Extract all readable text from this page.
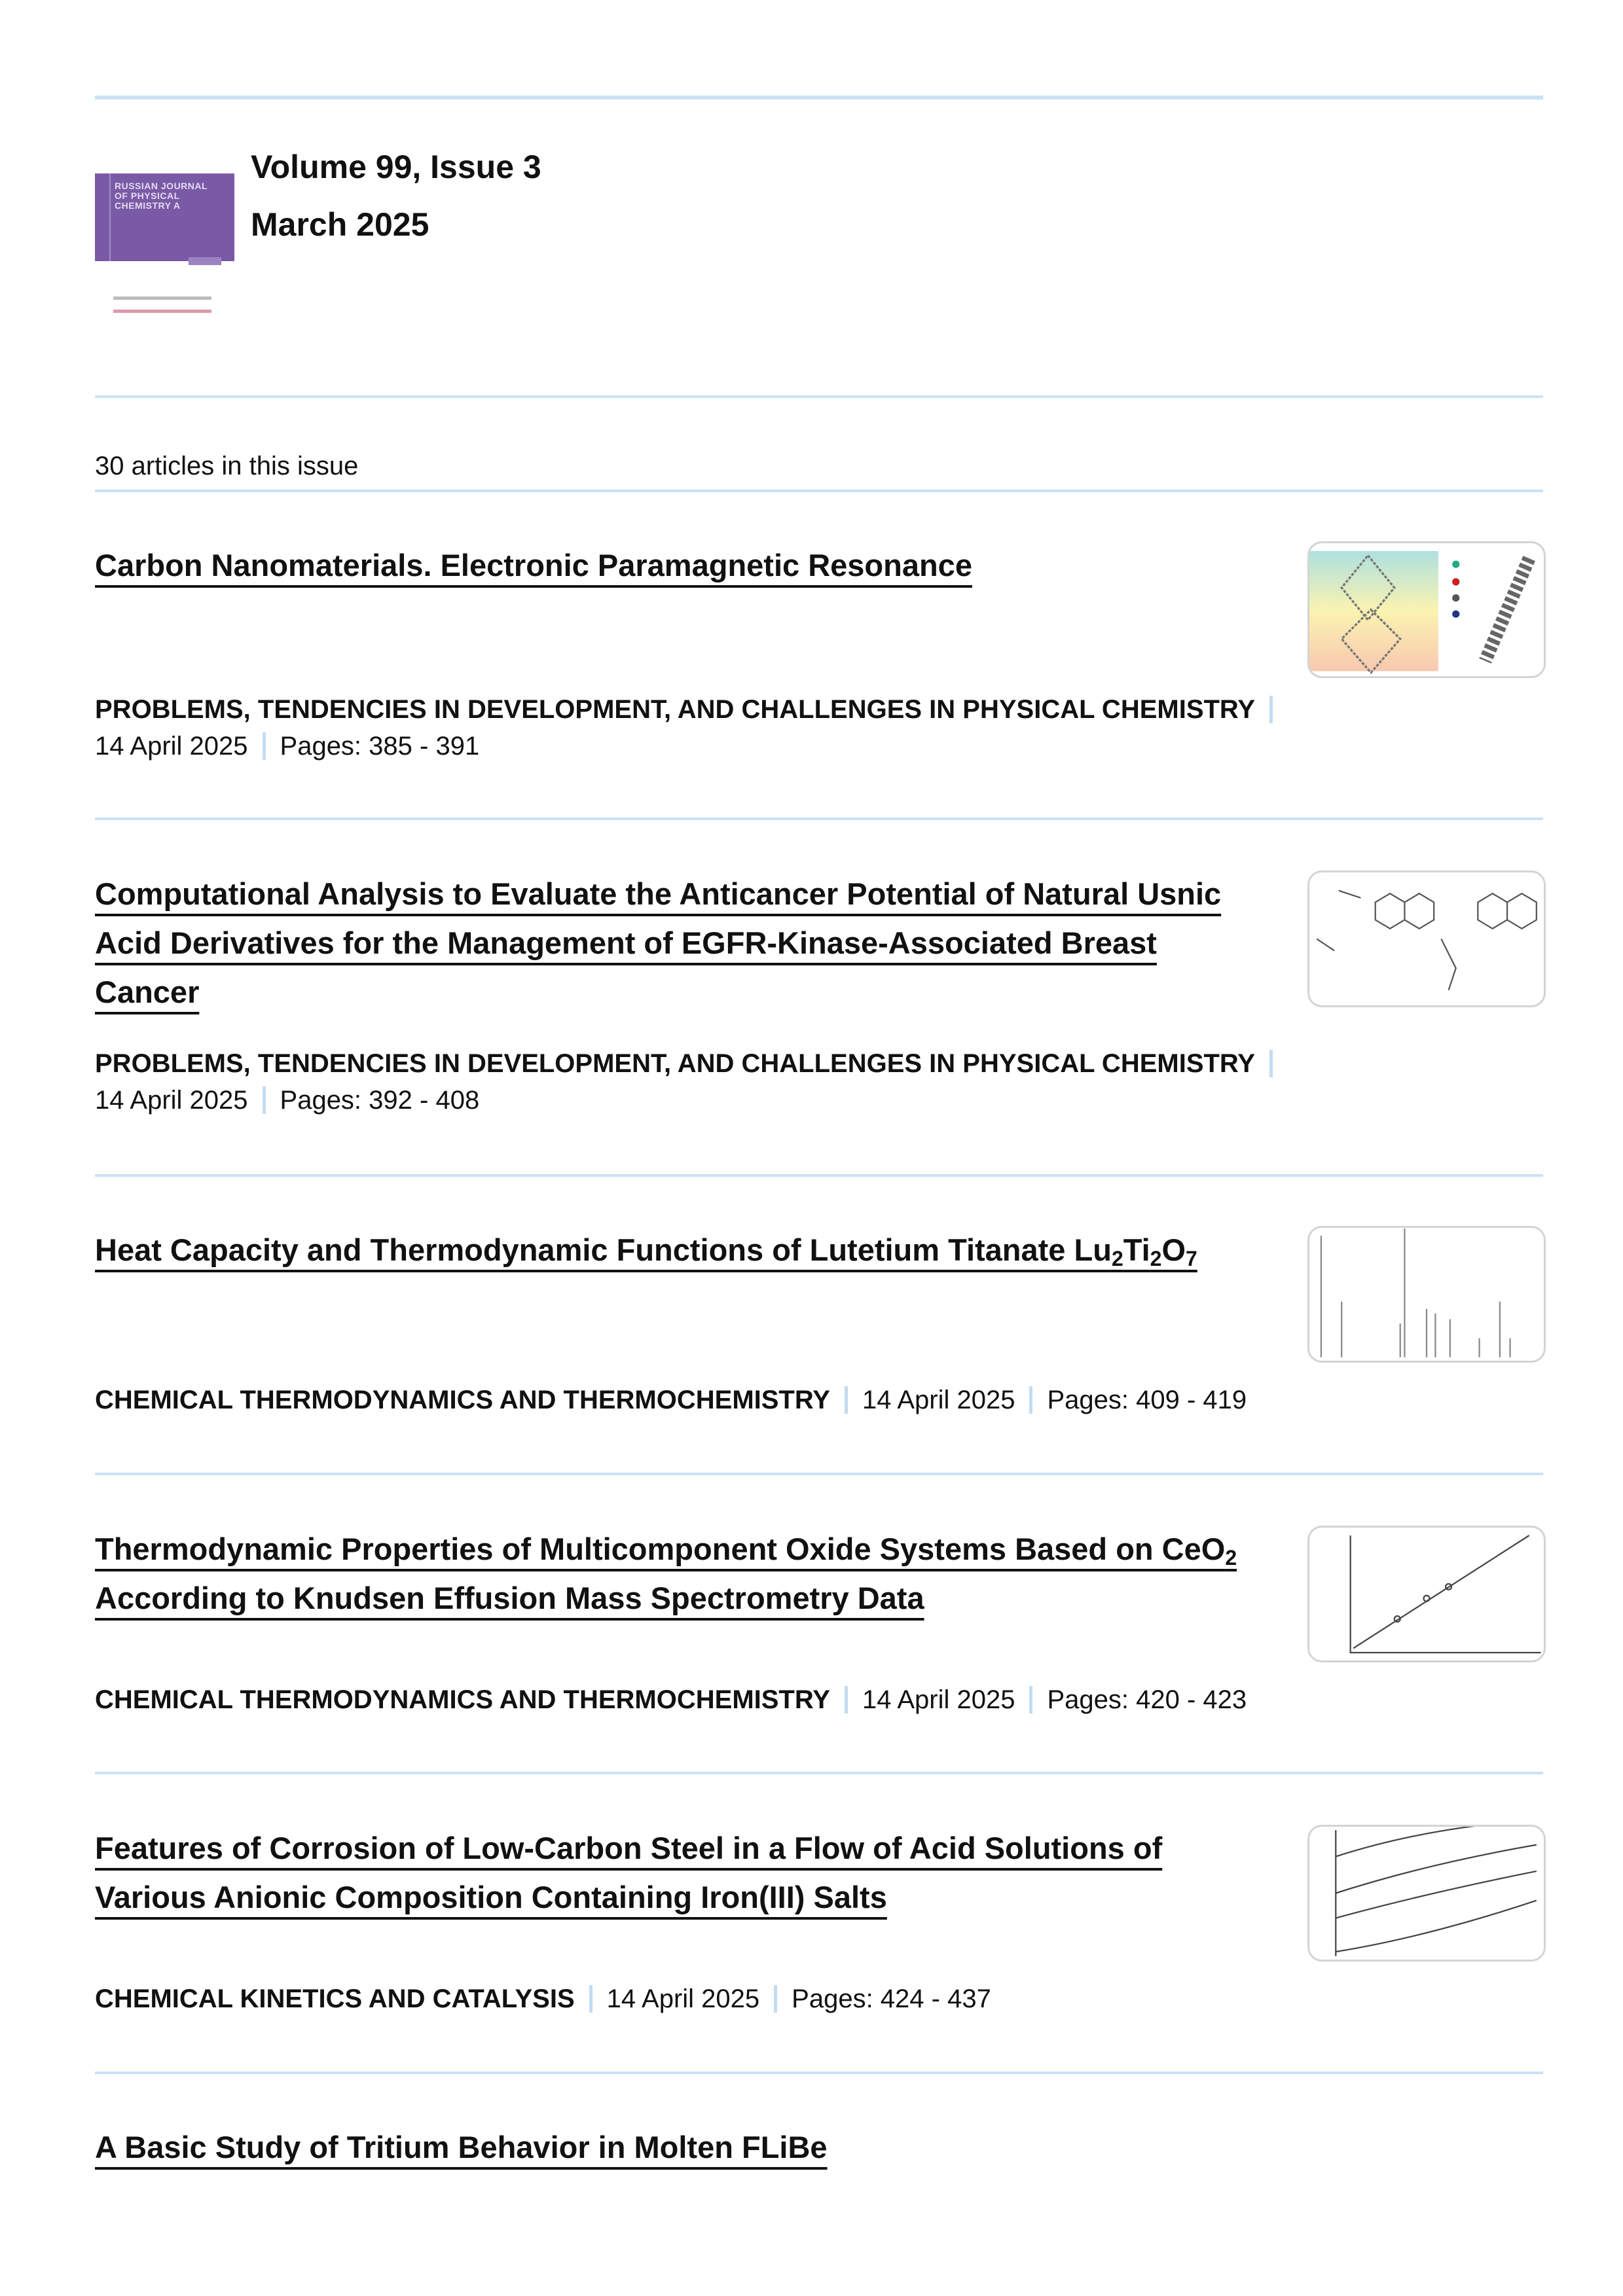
RUSSIAN JOURNAL OF PHYSICAL CHEMISTRY A
Volume 99, Issue 3
March 2025
30 articles in this issue
Carbon Nanomaterials. Electronic Paramagnetic Resonance
PROBLEMS, TENDENCIES IN DEVELOPMENT, AND CHALLENGES IN PHYSICAL CHEMISTRY
14 April 2025 Pages: 385 - 391
Computational Analysis to Evaluate the Anticancer Potential of Natural Usnic Acid Derivatives for the Management of EGFR-Kinase-Associated Breast Cancer
PROBLEMS, TENDENCIES IN DEVELOPMENT, AND CHALLENGES IN PHYSICAL CHEMISTRY
14 April 2025 Pages: 392 - 408
Heat Capacity and Thermodynamic Functions of Lutetium Titanate $Lu_2Ti_2O_7$
CHEMICAL THERMODYNAMICS AND THERMOCHEMISTRY 14 April 2025 Pages: 409 - 419
Thermodynamic Properties of Multicomponent Oxide Systems Based on CeO$_2$ According to Knudsen Effusion Mass Spectrometry Data
CHEMICAL THERMODYNAMICS AND THERMOCHEMISTRY 14 April 2025 Pages: 420 - 423
Features of Corrosion of Low-Carbon Steel in a Flow of Acid Solutions of Various Anionic Composition Containing Iron(III) Salts
CHEMICAL KINETICS AND CATALYSIS 14 April 2025 Pages: 424 - 437
A Basic Study of Tritium Behavior in Molten FLiBe
